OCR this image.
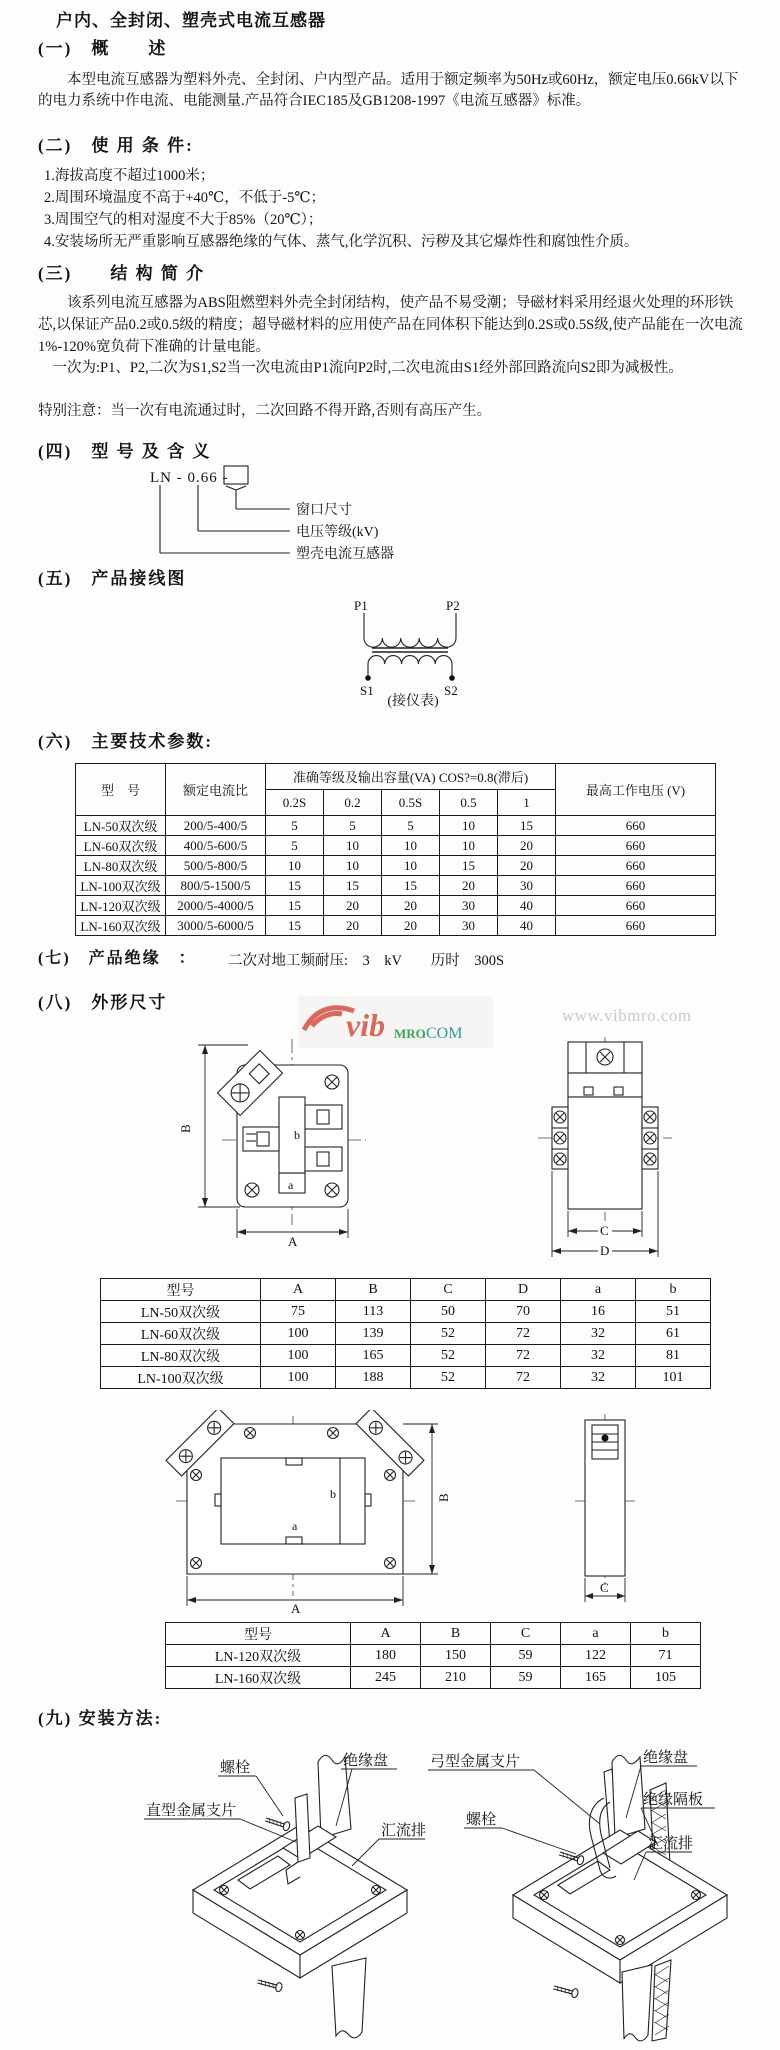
户内、全封闭、塑壳式电流互感器
(一)　概　　述
本型电流互感器为塑料外壳、全封闭、户内型产品。适用于额定频率为50Hz或60Hz，额定电压0.66kV以下的电力系统中作电流、电能测量.产品符合IEC185及GB1208-1997《电流互感器》标准。
(二)　使 用 条 件:
1.海拔高度不超过1000米；
2.周围环境温度不高于+40℃，不低于-5℃；
3.周围空气的相对湿度不大于85%（20℃）；
4.安装场所无严重影响互感器绝缘的气体、蒸气,化学沉积、污秽及其它爆炸性和腐蚀性介质。
(三)　　结 构 简 介
该系列电流互感器为ABS阻燃塑料外壳全封闭结构，使产品不易受潮；导磁材料采用经退火处理的环形铁芯,以保证产品0.2或0.5级的精度；超导磁材料的应用使产品在同体积下能达到0.2S或0.5S级,使产品能在一次电流1%-120%宽负荷下准确的计量电能。
一次为:P1、P2,二次为S1,S2当一次电流由P1流向P2时,二次电流由S1经外部回路流向S2即为减极性。
特别注意：当一次有电流通过时，二次回路不得开路,否则有高压产生。
(四)　型 号 及 含 义
LN - 0.66 -
窗口尺寸
电压等级(kV)
塑壳电流互感器
(五)　产品接线图
P1	P2
S1	S2
(接仪表)
(六)　主要技术参数:
型　号	额定电流比	准确等级及输出容量(VA) COS?=0.8(滞后)					最高工作电压 (V)
		0.2S	0.2	0.5S	0.5	1	
LN-50双次级	200/5-400/5	5	5	5	10	15	660
LN-60双次级	400/5-600/5	5	10	10	10	20	660
LN-80双次级	500/5-800/5	10	10	10	15	20	660
LN-100双次级	800/5-1500/5	15	15	15	20	30	660
LN-120双次级	2000/5-4000/5	15	20	20	30	40	660
LN-160双次级	3000/5-6000/5	15	20	20	30	40	660
(七)　产品绝缘　： 二次对地工频耐压:　3　kV　　历时　300S
(八)　外形尺寸
vib MRO
.COM
www.vibmro.com
b
a
B
A
C
D
型号	A	B	C	D	a	b
LN-50双次级	75	113	50	70	16	51
LN-60双次级	100	139	52	72	32	61
LN-80双次级	100	165	52	72	32	81
LN-100双次级	100	188	52	72	32	101
b
a
B
A
C
型号	A	B	C	a	b
LN-120双次级	180	150	59	122	71
LN-160双次级	245	210	59	165	105
(九) 安装方法:
螺栓	绝缘盘
直型金属支片
汇流排
弓型金属支片	绝缘盘
螺栓
绝缘隔板
汇流排
